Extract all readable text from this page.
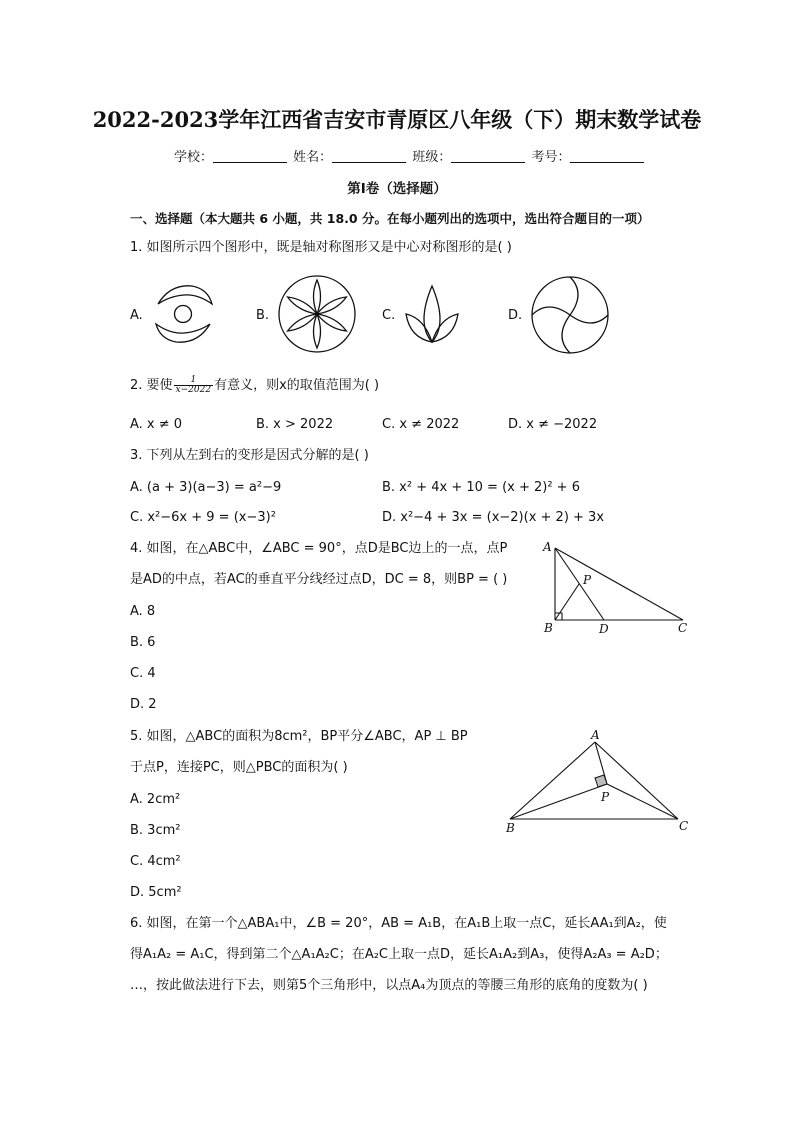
2022-2023学年江西省吉安市青原区八年级（下）期末数学试卷
学校：	姓名：	班级：	考号：
第Ⅰ卷（选择题）
一、选择题（本大题共 6 小题，共 18.0 分。在每小题列出的选项中，选出符合题目的一项）
1. 如图所示四个图形中，既是轴对称图形又是中心对称图形的是( )
A.	B.	C.	D.
2. 要使 $\frac{1}{x-2022}$ 有意义，则x的取值范围为( )
A. x ≠ 0	B. x > 2022	C. x ≠ 2022	D. x ≠ −2022
3. 下列从左到右的变形是因式分解的是( )
A. (a + 3)(a−3) = a²−9	B. x² + 4x + 10 = (x + 2)² + 6
C. x²−6x + 9 = (x−3)²	D. x²−4 + 3x = (x−2)(x + 2) + 3x
4. 如图，在△ABC中，∠ABC = 90°，点D是BC边上的一点，点P
是AD的中点，若AC的垂直平分线经过点D，DC = 8，则BP = ( )
A. 8
B. 6
C. 4
D. 2
A
B	C
D
P
5. 如图，△ABC的面积为8cm²，BP平分∠ABC，AP ⊥ BP
于点P，连接PC，则△PBC的面积为( )
A. 2cm²
B. 3cm²
C. 4cm²
D. 5cm²
A
B	C
P
6. 如图，在第一个△ABA₁中，∠B = 20°，AB = A₁B，在A₁B上取一点C，延长AA₁到A₂，使
得A₁A₂ = A₁C，得到第二个△A₁A₂C；在A₂C上取一点D，延长A₁A₂到A₃，使得A₂A₃ = A₂D；
…，按此做法进行下去，则第5个三角形中，以点A₄为顶点的等腰三角形的底角的度数为( )
